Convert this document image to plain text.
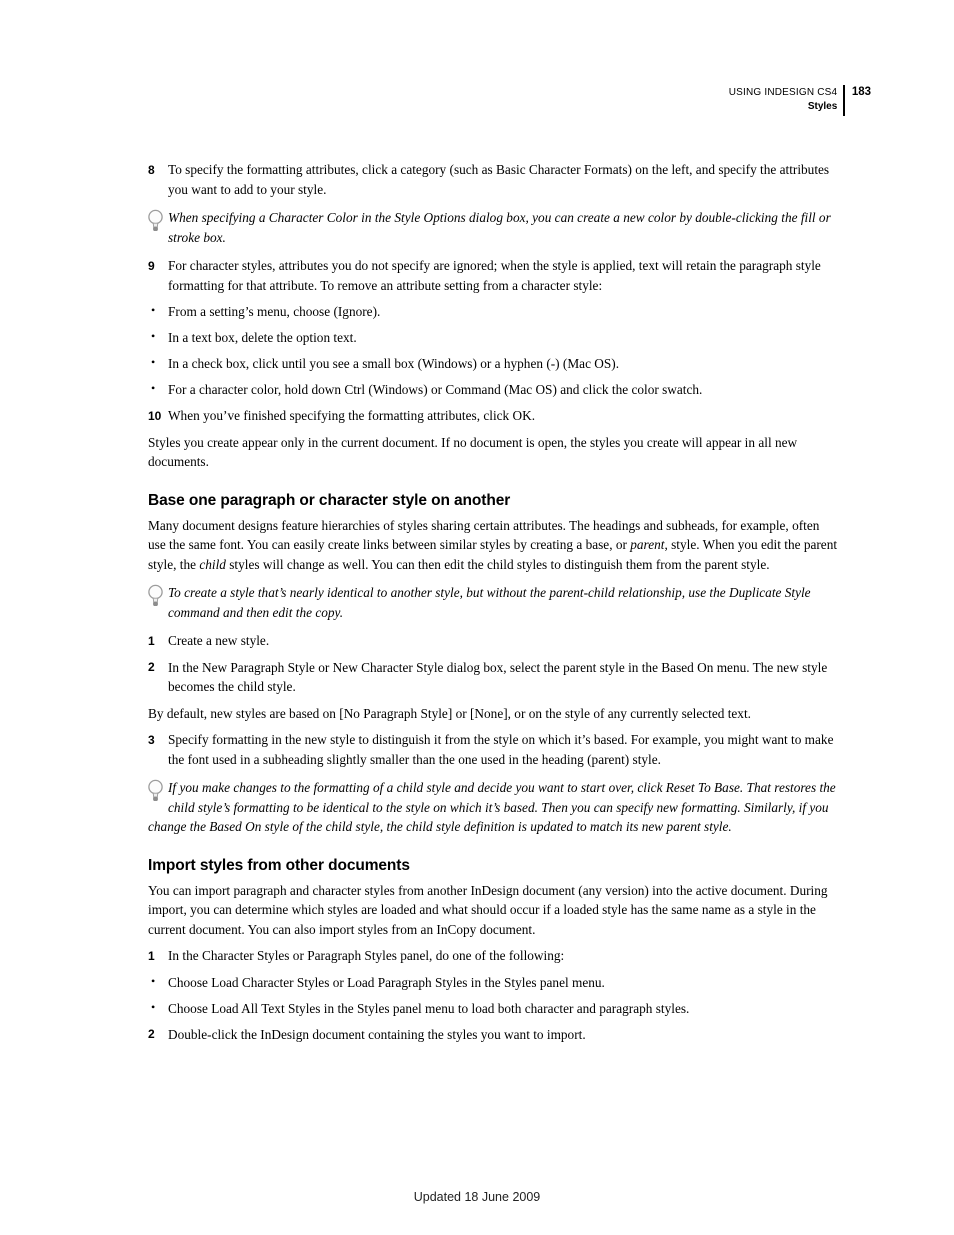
USING INDESIGN CS4
Styles
183
8 To specify the formatting attributes, click a category (such as Basic Character Formats) on the left, and specify the attributes you want to add to your style.
When specifying a Character Color in the Style Options dialog box, you can create a new color by double-clicking the fill or stroke box.
9 For character styles, attributes you do not specify are ignored; when the style is applied, text will retain the paragraph style formatting for that attribute. To remove an attribute setting from a character style:
• From a setting’s menu, choose (Ignore).
• In a text box, delete the option text.
• In a check box, click until you see a small box (Windows) or a hyphen (-) (Mac OS).
• For a character color, hold down Ctrl (Windows) or Command (Mac OS) and click the color swatch.
10 When you’ve finished specifying the formatting attributes, click OK.

Styles you create appear only in the current document. If no document is open, the styles you create will appear in all new documents.

Base one paragraph or character style on another

Many document designs feature hierarchies of styles sharing certain attributes. The headings and subheads, for example, often use the same font. You can easily create links between similar styles by creating a base, or parent, style. When you edit the parent style, the child styles will change as well. You can then edit the child styles to distinguish them from the parent style.

To create a style that’s nearly identical to another style, but without the parent-child relationship, use the Duplicate Style command and then edit the copy.
1 Create a new style.
2 In the New Paragraph Style or New Character Style dialog box, select the parent style in the Based On menu. The new style becomes the child style.

By default, new styles are based on [No Paragraph Style] or [None], or on the style of any currently selected text.

3 Specify formatting in the new style to distinguish it from the style on which it’s based. For example, you might want to make the font used in a subheading slightly smaller than the one used in the heading (parent) style.
If you make changes to the formatting of a child style and decide you want to start over, click Reset To Base. That restores the child style’s formatting to be identical to the style on which it’s based. Then you can specify new formatting. Similarly, if you change the Based On style of the child style, the child style definition is updated to match its new parent style.
Import styles from other documents

You can import paragraph and character styles from another InDesign document (any version) into the active document. During import, you can determine which styles are loaded and what should occur if a loaded style has the same name as a style in the current document. You can also import styles from an InCopy document.

1 In the Character Styles or Paragraph Styles panel, do one of the following:
• Choose Load Character Styles or Load Paragraph Styles in the Styles panel menu.
• Choose Load All Text Styles in the Styles panel menu to load both character and paragraph styles.
2 Double-click the InDesign document containing the styles you want to import.
Updated 18 June 2009
